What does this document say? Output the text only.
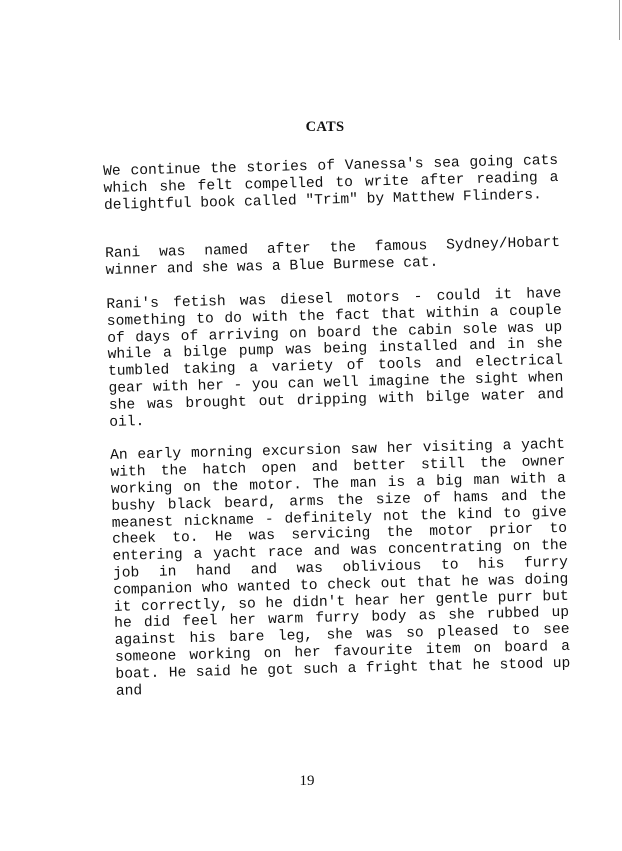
CATS

We continue the stories of Vanessa's sea going cats which she felt compelled to write after reading a delightful book called "Trim" by Matthew Flinders.

Rani was named after the famous Sydney/Hobart winner and she was a Blue Burmese cat.

Rani's fetish was diesel motors - could it have something to do with the fact that within a couple of days of arriving on board the cabin sole was up while a bilge pump was being installed and in she tumbled taking a variety of tools and electrical gear with her - you can well imagine the sight when she was brought out dripping with bilge water and oil.

An early morning excursion saw her visiting a yacht with the hatch open and better still the owner working on the motor. The man is a big man with a bushy black beard, arms the size of hams and the meanest nickname - definitely not the kind to give cheek to. He was servicing the motor prior to entering a yacht race and was concentrating on the job in hand and was oblivious to his furry companion who wanted to check out that he was doing it correctly, so he didn't hear her gentle purr but he did feel her warm furry body as she rubbed up against his bare leg, she was so pleased to see someone working on her favourite item on board a boat. He said he got such a fright that he stood up and

19
